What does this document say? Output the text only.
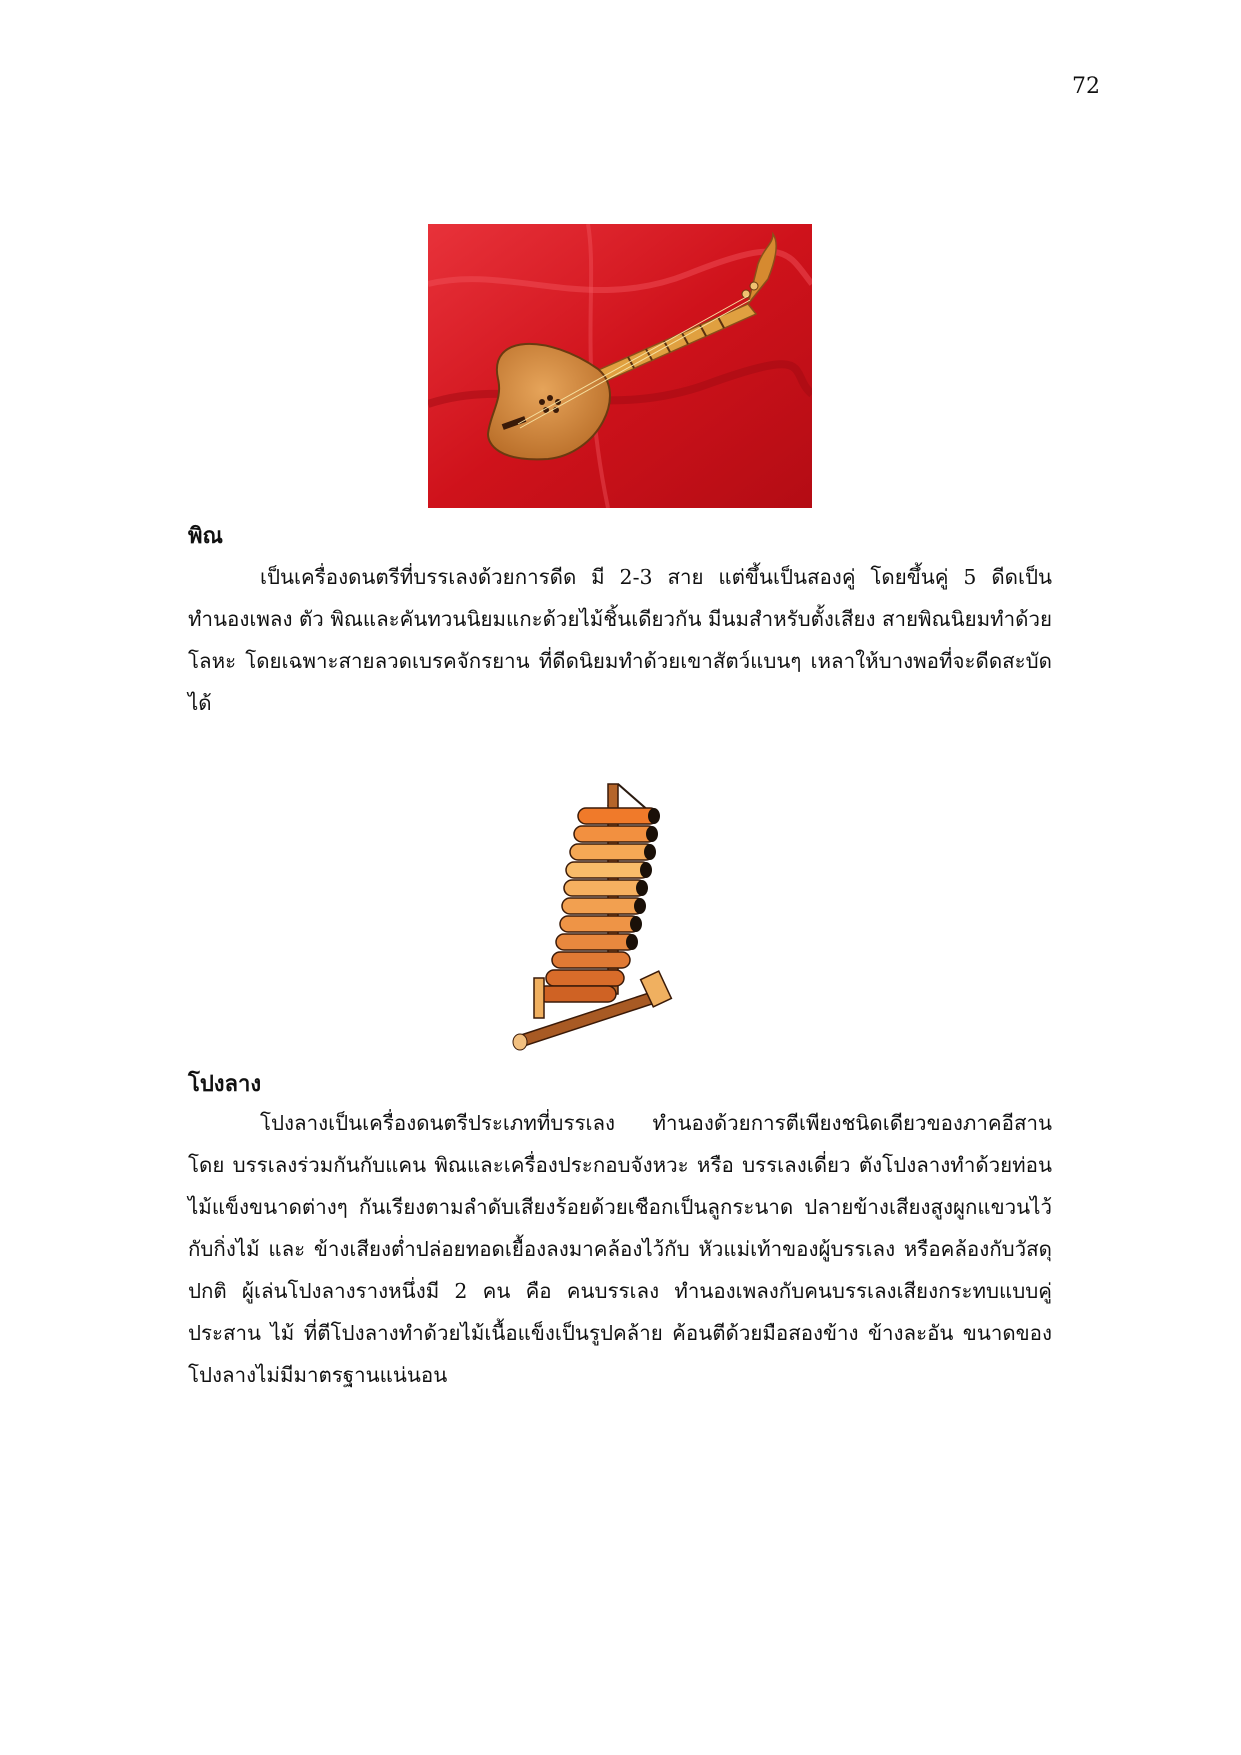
72
พิณ
เป็นเครื่องดนตรีที่บรรเลงด้วยการดีด มี 2-3 สาย แต่ขึ้นเป็นสองคู่ โดยขึ้นคู่ 5 ดีดเป็นทำนองเพลง ตัว พิณและคันทวนนิยมแกะด้วยไม้ชิ้นเดียวกัน มีนมสำหรับตั้งเสียง สายพิณนิยมทำด้วยโลหะ โดยเฉพาะสายลวดเบรคจักรยาน ที่ดีดนิยมทำด้วยเขาสัตว์แบนๆ เหลาให้บางพอที่จะดีดสะบัดได้
โปงลาง
โปงลางเป็นเครื่องดนตรีประเภทที่บรรเลง ทำนองด้วยการตีเพียงชนิดเดียวของภาคอีสาน โดย บรรเลงร่วมกันกับแคน พิณและเครื่องประกอบจังหวะ หรือ บรรเลงเดี่ยว ตังโปงลางทำด้วยท่อนไม้แข็งขนาดต่างๆ กันเรียงตามลำดับเสียงร้อยด้วยเชือกเป็นลูกระนาด ปลายข้างเสียงสูงผูกแขวนไว้กับกิ่งไม้ และ ข้างเสียงต่ำปล่อยทอดเยื้องลงมาคล้องไว้กับ หัวแม่เท้าของผู้บรรเลง หรือคล้องกับวัสดุ ปกติ ผู้เล่นโปงลางรางหนึ่งมี 2 คน คือ คนบรรเลง ทำนองเพลงกับคนบรรเลงเสียงกระทบแบบคู่ประสาน ไม้ ที่ตีโปงลางทำด้วยไม้เนื้อแข็งเป็นรูปคล้าย ค้อนตีด้วยมือสองข้าง ข้างละอัน ขนาดของโปงลางไม่มีมาตรฐานแน่นอน
